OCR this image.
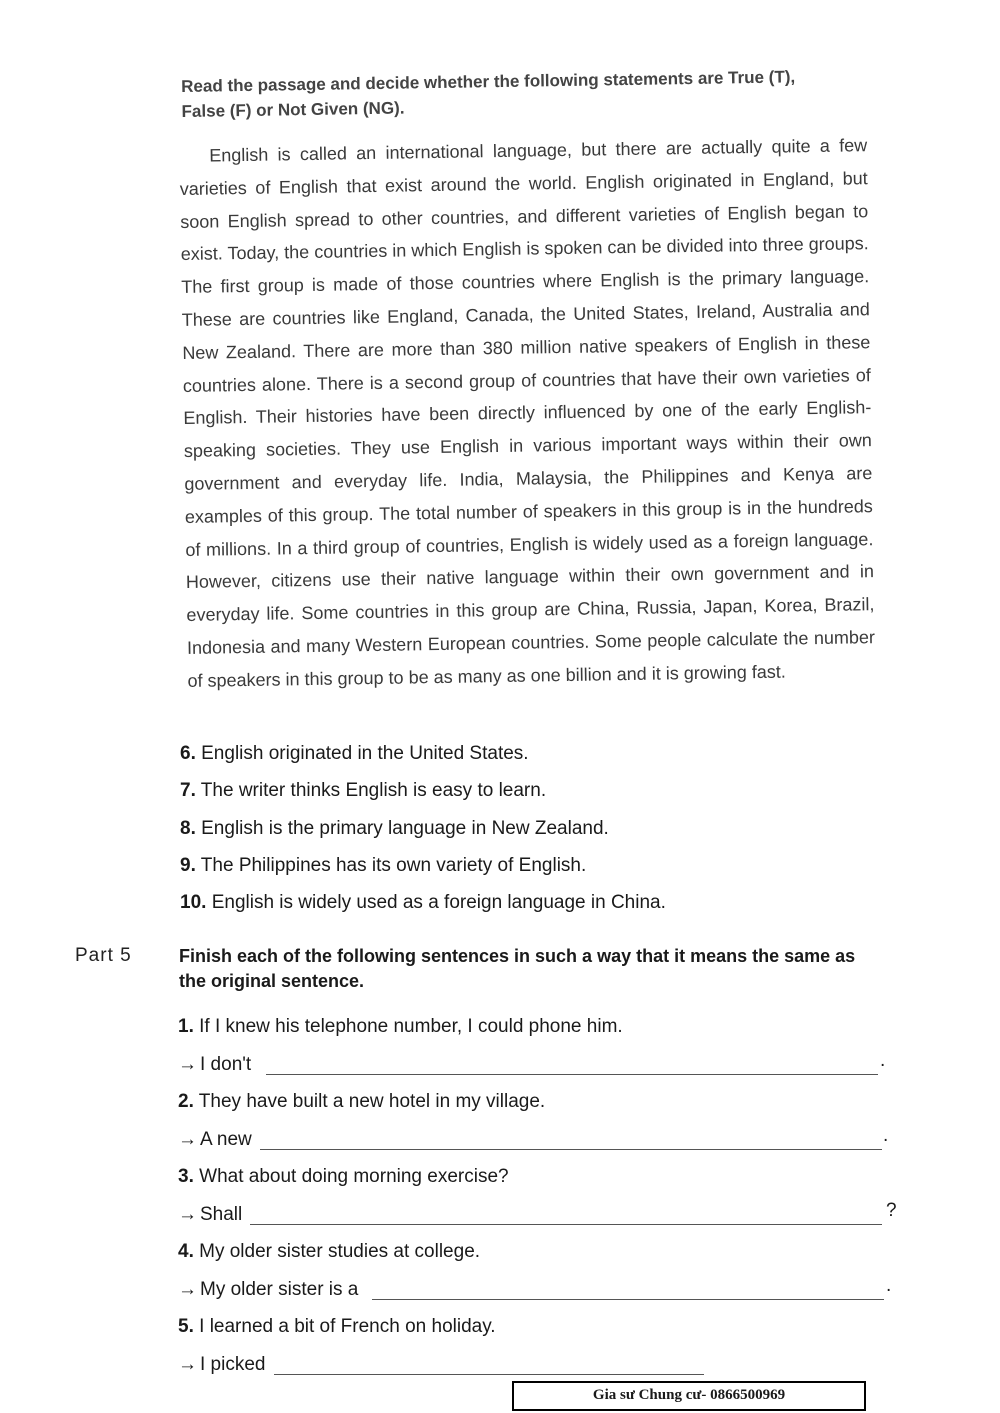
Read the passage and decide whether the following statements are True (T),
False (F) or Not Given (NG).

English is called an international language, but there are actually quite a few varieties of English that exist around the world. English originated in England, but soon English spread to other countries, and different varieties of English began to exist. Today, the countries in which English is spoken can be divided into three groups. The first group is made of those countries where English is the primary language. These are countries like England, Canada, the United States, Ireland, Australia and New Zealand. There are more than 380 million native speakers of English in these countries alone. There is a second group of countries that have their own varieties of English. Their histories have been directly influenced by one of the early English-speaking societies. They use English in various important ways within their own government and everyday life. India, Malaysia, the Philippines and Kenya are examples of this group. The total number of speakers in this group is in the hundreds of millions. In a third group of countries, English is widely used as a foreign language. However, citizens use their native language within their own government and in everyday life. Some countries in this group are China, Russia, Japan, Korea, Brazil, Indonesia and many Western European countries. Some people calculate the number of speakers in this group to be as many as one billion and it is growing fast.

6. English originated in the United States.
7. The writer thinks English is easy to learn.
8. English is the primary language in New Zealand.
9. The Philippines has its own variety of English.
10. English is widely used as a foreign language in China.
Part 5	Finish each of the following sentences in such a way that it means the same as
the original sentence.
1. If I knew his telephone number, I could phone him.
→ I don't	.
2. They have built a new hotel in my village.
→ A new	.
3. What about doing morning exercise?
→ Shall	?
4. My older sister studies at college.
→ My older sister is a	.
5. I learned a bit of French on holiday.
→ I picked
Gia sư Chung cư- 0866500969
